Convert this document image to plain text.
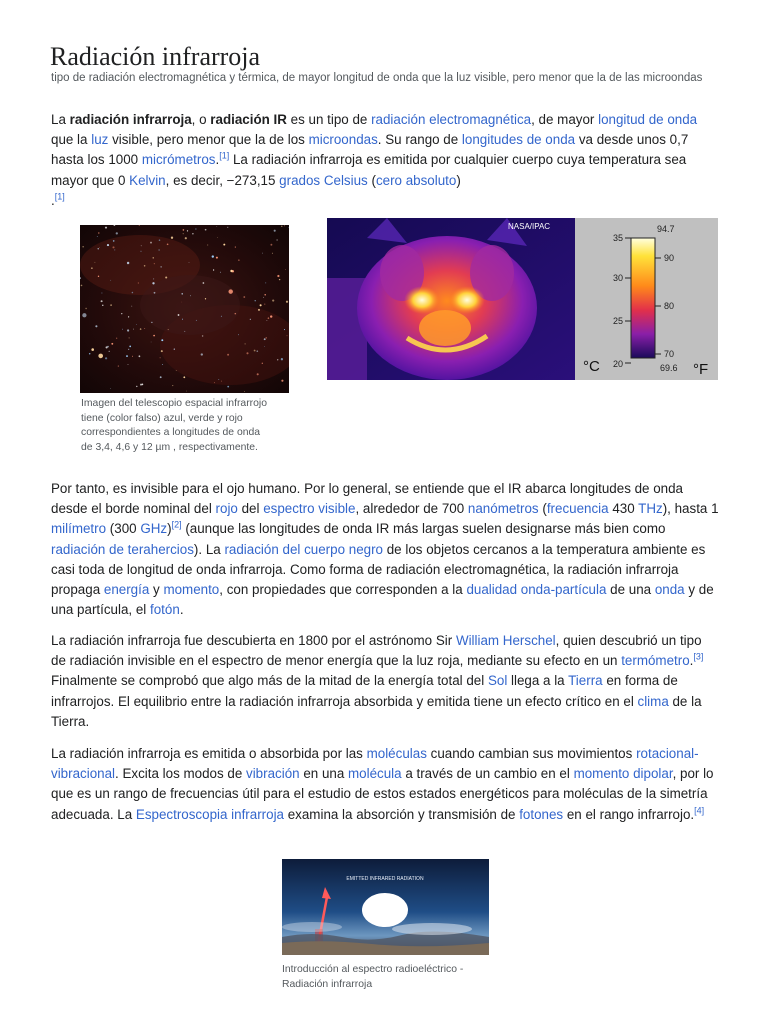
Radiación infrarroja
tipo de radiación electromagnética y térmica, de mayor longitud de onda que la luz visible, pero menor que la de las microondas

La radiación infrarroja, o radiación IR es un tipo de radiación electromagnética, de mayor longitud de onda que la luz visible, pero menor que la de los microondas. Su rango de longitudes de onda va desde unos 0,7 hasta los 1000 micrómetros.[1] La radiación infrarroja es emitida por cualquier cuerpo cuya temperatura sea mayor que 0 Kelvin, es decir, −273,15 grados Celsius (cero absoluto)
.[1]

Imagen del telescopio espacial infrarrojo tiene (color falso) azul, verde y rojo correspondientes a longitudes de onda de 3,4, 4,6 y 12 µm , respectivamente.
NASA/IPAC
35
30
25
20
94.7
90
80
70
69.6
°C	°F

Por tanto, es invisible para el ojo humano. Por lo general, se entiende que el IR abarca longitudes de onda desde el borde nominal del rojo del espectro visible, alrededor de 700 nanómetros (frecuencia 430 THz), hasta 1 milímetro (300 GHz)[2] (aunque las longitudes de onda IR más largas suelen designarse más bien como radiación de terahercios). La radiación del cuerpo negro de los objetos cercanos a la temperatura ambiente es casi toda de longitud de onda infrarroja. Como forma de radiación electromagnética, la radiación infrarroja propaga energía y momento, con propiedades que corresponden a la dualidad onda-partícula de una onda y de una partícula, el fotón.

La radiación infrarroja fue descubierta en 1800 por el astrónomo Sir William Herschel, quien descubrió un tipo de radiación invisible en el espectro de menor energía que la luz roja, mediante su efecto en un termómetro.[3] Finalmente se comprobó que algo más de la mitad de la energía total del Sol llega a la Tierra en forma de infrarrojos. El equilibrio entre la radiación infrarroja absorbida y emitida tiene un efecto crítico en el clima de la Tierra.

La radiación infrarroja es emitida o absorbida por las moléculas cuando cambian sus movimientos rotacional-vibracional. Excita los modos de vibración en una molécula a través de un cambio en el momento dipolar, por lo que es un rango de frecuencias útil para el estudio de estos estados energéticos para moléculas de la simetría adecuada. La Espectroscopia infrarroja examina la absorción y transmisión de fotones en el rango infrarrojo.[4]

EMITTED INFRARED RADIATION
Introducción al espectro radioeléctrico - Radiación infrarroja
